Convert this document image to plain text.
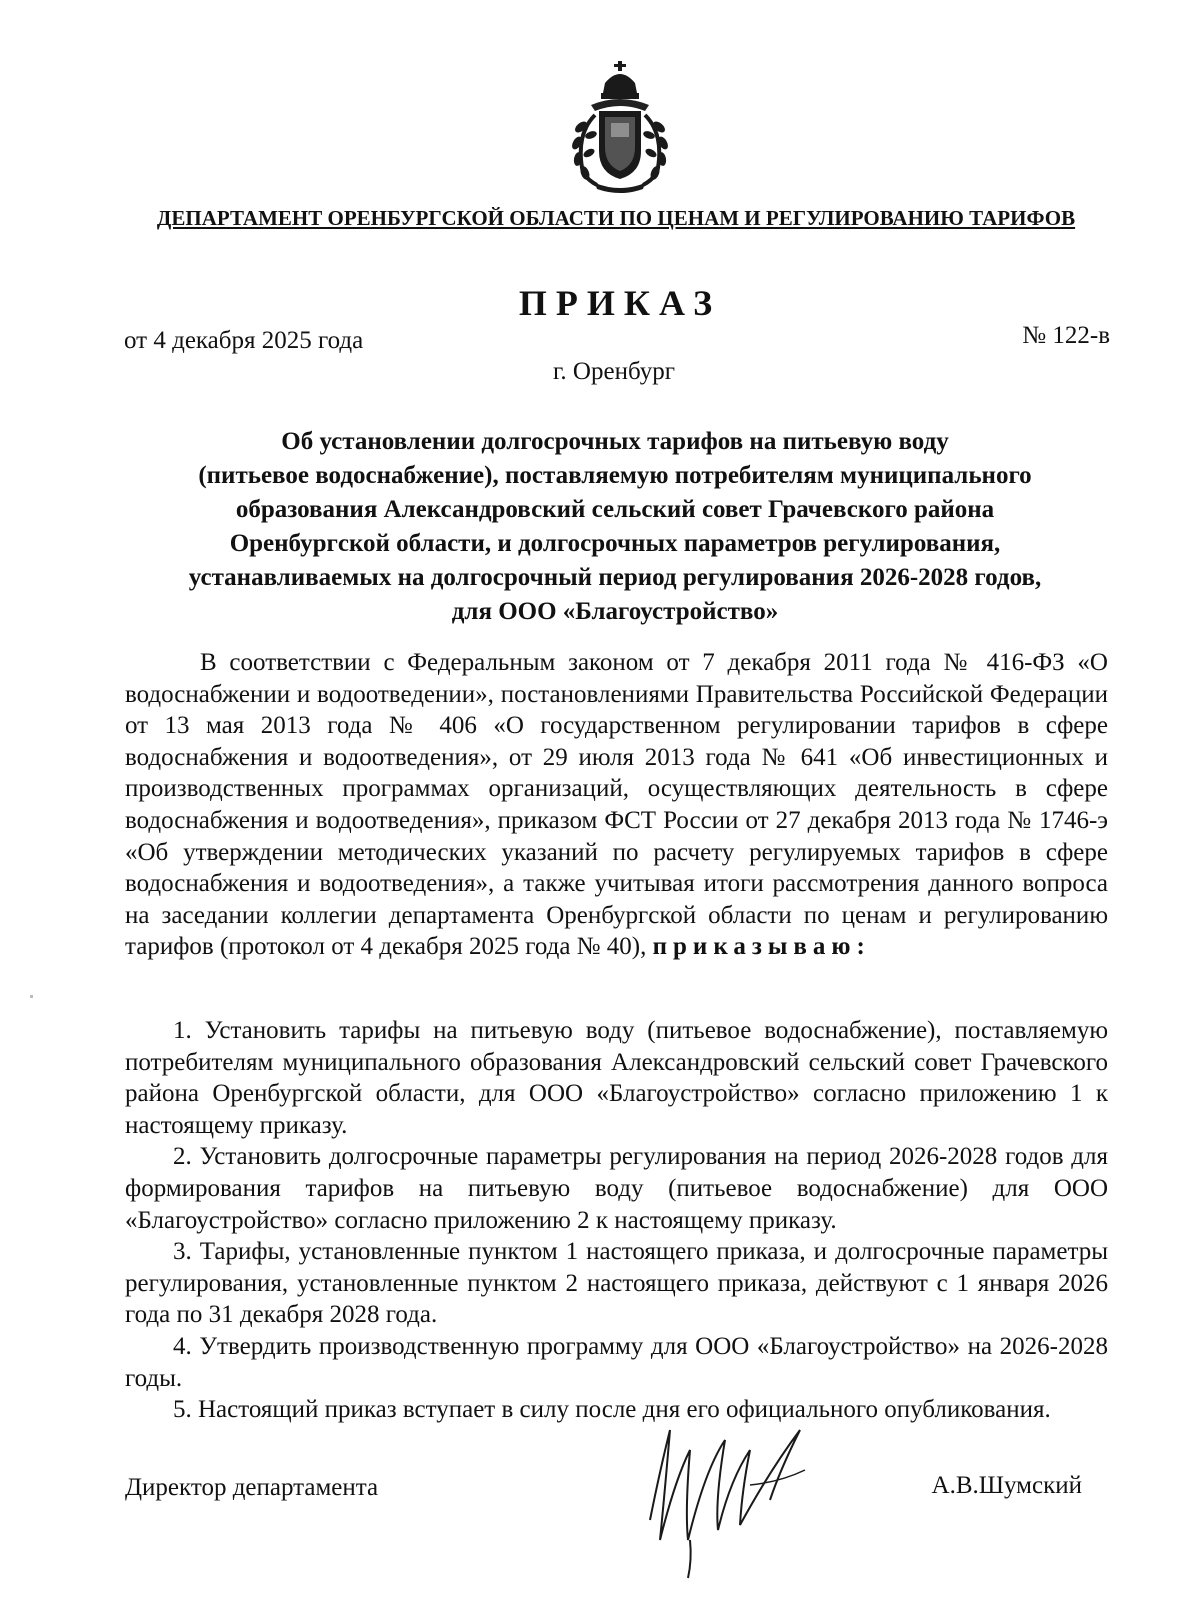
ДЕПАРТАМЕНТ ОРЕНБУРГСКОЙ ОБЛАСТИ ПО ЦЕНАМ И РЕГУЛИРОВАНИЮ ТАРИФОВ
ПРИКАЗ
от 4 декабря 2025 года	№ 122-в
г. Оренбург
Об установлении долгосрочных тарифов на питьевую воду
(питьевое водоснабжение), поставляемую потребителям муниципального
образования Александровский сельский совет Грачевского района
Оренбургской области, и долгосрочных параметров регулирования,
устанавливаемых на долгосрочный период регулирования 2026-2028 годов,
для ООО «Благоустройство»
В соответствии с Федеральным законом от 7 декабря 2011 года № 416-ФЗ «О водоснабжении и водоотведении», постановлениями Правительства Российской Федерации от 13 мая 2013 года № 406 «О государственном регулировании тарифов в сфере водоснабжения и водоотведения», от 29 июля 2013 года № 641 «Об инвестиционных и производственных программах организаций, осуществляющих деятельность в сфере водоснабжения и водоотведения», приказом ФСТ России от 27 декабря 2013 года № 1746-э «Об утверждении методических указаний по расчету регулируемых тарифов в сфере водоснабжения и водоотведения», а также учитывая итоги рассмотрения данного вопроса на заседании коллегии департамента Оренбургской области по ценам и регулированию тарифов (протокол от 4 декабря 2025 года № 40), приказываю:

1. Установить тарифы на питьевую воду (питьевое водоснабжение), поставляемую потребителям муниципального образования Александровский сельский совет Грачевского района Оренбургской области, для ООО «Благоустройство» согласно приложению 1 к настоящему приказу.

2. Установить долгосрочные параметры регулирования на период 2026-2028 годов для формирования тарифов на питьевую воду (питьевое водоснабжение) для ООО «Благоустройство» согласно приложению 2 к настоящему приказу.

3. Тарифы, установленные пунктом 1 настоящего приказа, и долгосрочные параметры регулирования, установленные пунктом 2 настоящего приказа, действуют с 1 января 2026 года по 31 декабря 2028 года.

4. Утвердить производственную программу для ООО «Благоустройство» на 2026-2028 годы.

5. Настоящий приказ вступает в силу после дня его официального опубликования.

Директор департамента	А.В.Шумский
